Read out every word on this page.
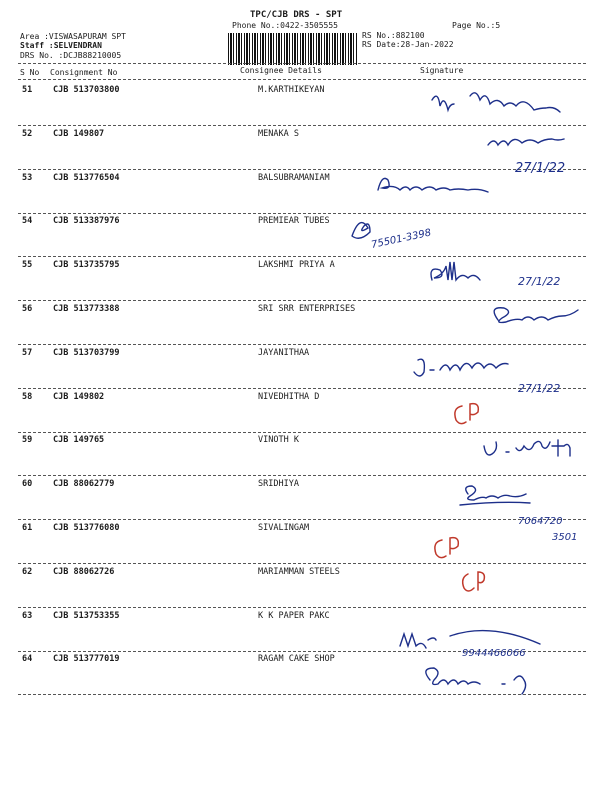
TPC/CJB DRS - SPT
Phone No.:0422-3505555	Page No.:5
Area :VISWASAPURAM SPT
Staff :SELVENDRAN
DRS No. :DCJB88210005
RS No.:882100
RS Date:28-Jan-2022
S No Consignment No	Consignee Details	Signature
51 CJB 513703800	M.KARTHIKEYAN
52 CJB 149807	MENAKA S
53 CJB 513776504	BALSUBRAMANIAM
54 CJB 513387976	PREMIEAR TUBES
55 CJB 513735795	LAKSHMI PRIYA A
56 CJB 513773388	SRI SRR ENTERPRISES
57 CJB 513703799	JAYANITHAA
58 CJB 149802	NIVEDHITHA D
59 CJB 149765	VINOTH K
60 CJB 88062779	SRIDHIYA
61 CJB 513776080	SIVALINGAM
62 CJB 88062726	MARIAMMAN STEELS
63 CJB 513753355	K K PAPER PAKC
64 CJB 513777019	RAGAM CAKE SHOP
27/1/22
75501-3398
27/1/22
27/1/22
7064720
3501
9944466066
